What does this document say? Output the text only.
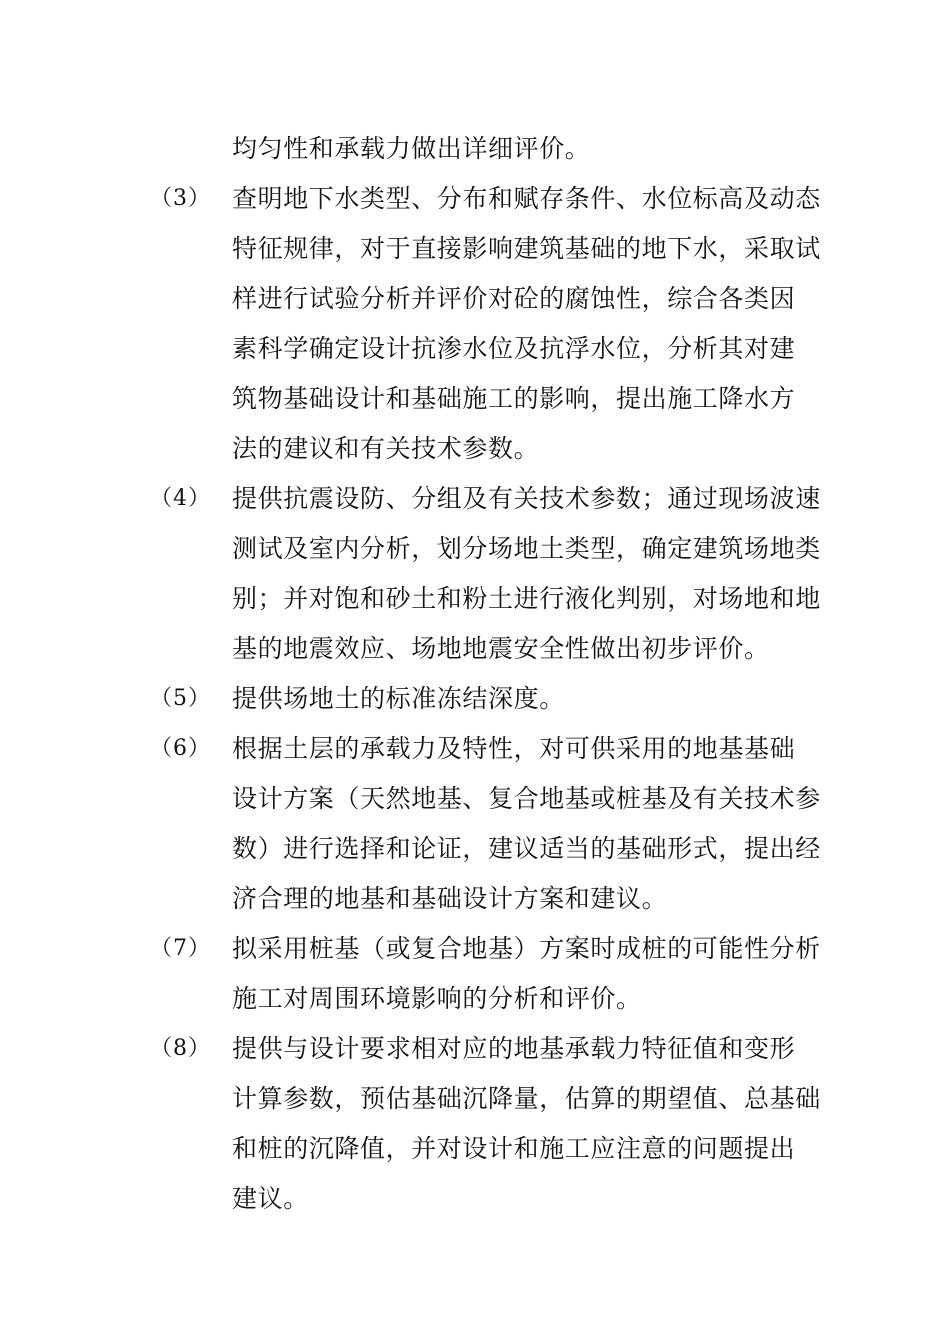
均匀性和承载力做出详细评价。
（3） 查明地下水类型、分布和赋存条件、水位标高及动态
特征规律，对于直接影响建筑基础的地下水，采取试
样进行试验分析并评价对砼的腐蚀性，综合各类因
素科学确定设计抗渗水位及抗浮水位，分析其对建
筑物基础设计和基础施工的影响，提出施工降水方
法的建议和有关技术参数。
（4） 提供抗震设防、分组及有关技术参数；通过现场波速
测试及室内分析，划分场地土类型，确定建筑场地类
别；并对饱和砂土和粉土进行液化判别，对场地和地
基的地震效应、场地地震安全性做出初步评价。
（5） 提供场地土的标准冻结深度。
（6） 根据土层的承载力及特性，对可供采用的地基基础
设计方案（天然地基、复合地基或桩基及有关技术参
数）进行选择和论证，建议适当的基础形式，提出经
济合理的地基和基础设计方案和建议。
（7） 拟采用桩基（或复合地基）方案时成桩的可能性分析
施工对周围环境影响的分析和评价。
（8） 提供与设计要求相对应的地基承载力特征值和变形
计算参数，预估基础沉降量，估算的期望值、总基础
和桩的沉降值，并对设计和施工应注意的问题提出
建议。
